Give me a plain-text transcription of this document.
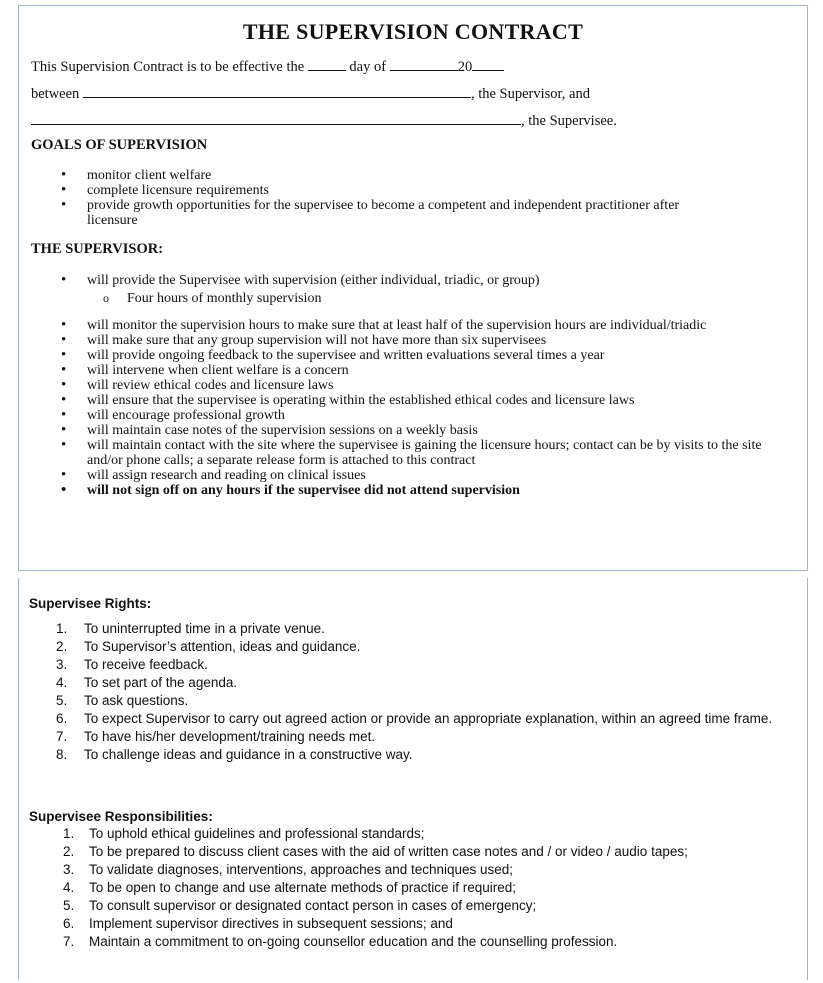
THE SUPERVISION CONTRACT
This Supervision Contract is to be effective the	day of	20
between	, the Supervisor, and
, the Supervisee.
GOALS OF SUPERVISION
• monitor client welfare
• complete licensure requirements
• provide growth opportunities for the supervisee to become a competent and independent practitioner after licensure
THE SUPERVISOR:
• will provide the Supervisee with supervision (either individual, triadic, or group)
o Four hours of monthly supervision
• will monitor the supervision hours to make sure that at least half of the supervision hours are individual/triadic
• will make sure that any group supervision will not have more than six supervisees
• will provide ongoing feedback to the supervisee and written evaluations several times a year
• will intervene when client welfare is a concern
• will review ethical codes and licensure laws
• will ensure that the supervisee is operating within the established ethical codes and licensure laws
• will encourage professional growth
• will maintain case notes of the supervision sessions on a weekly basis
• will maintain contact with the site where the supervisee is gaining the licensure hours; contact can be by visits to the site and/or phone calls; a separate release form is attached to this contract
• will assign research and reading on clinical issues
• will not sign off on any hours if the supervisee did not attend supervision
Supervisee Rights:
1. To uninterrupted time in a private venue.
2. To Supervisor’s attention, ideas and guidance.
3. To receive feedback.
4. To set part of the agenda.
5. To ask questions.
6. To expect Supervisor to carry out agreed action or provide an appropriate explanation, within an agreed time frame.
7. To have his/her development/training needs met.
8. To challenge ideas and guidance in a constructive way.
Supervisee Responsibilities:
1. To uphold ethical guidelines and professional standards;
2. To be prepared to discuss client cases with the aid of written case notes and / or video / audio tapes;
3. To validate diagnoses, interventions, approaches and techniques used;
4. To be open to change and use alternate methods of practice if required;
5. To consult supervisor or designated contact person in cases of emergency;
6. Implement supervisor directives in subsequent sessions; and
7. Maintain a commitment to on-going counsellor education and the counselling profession.
